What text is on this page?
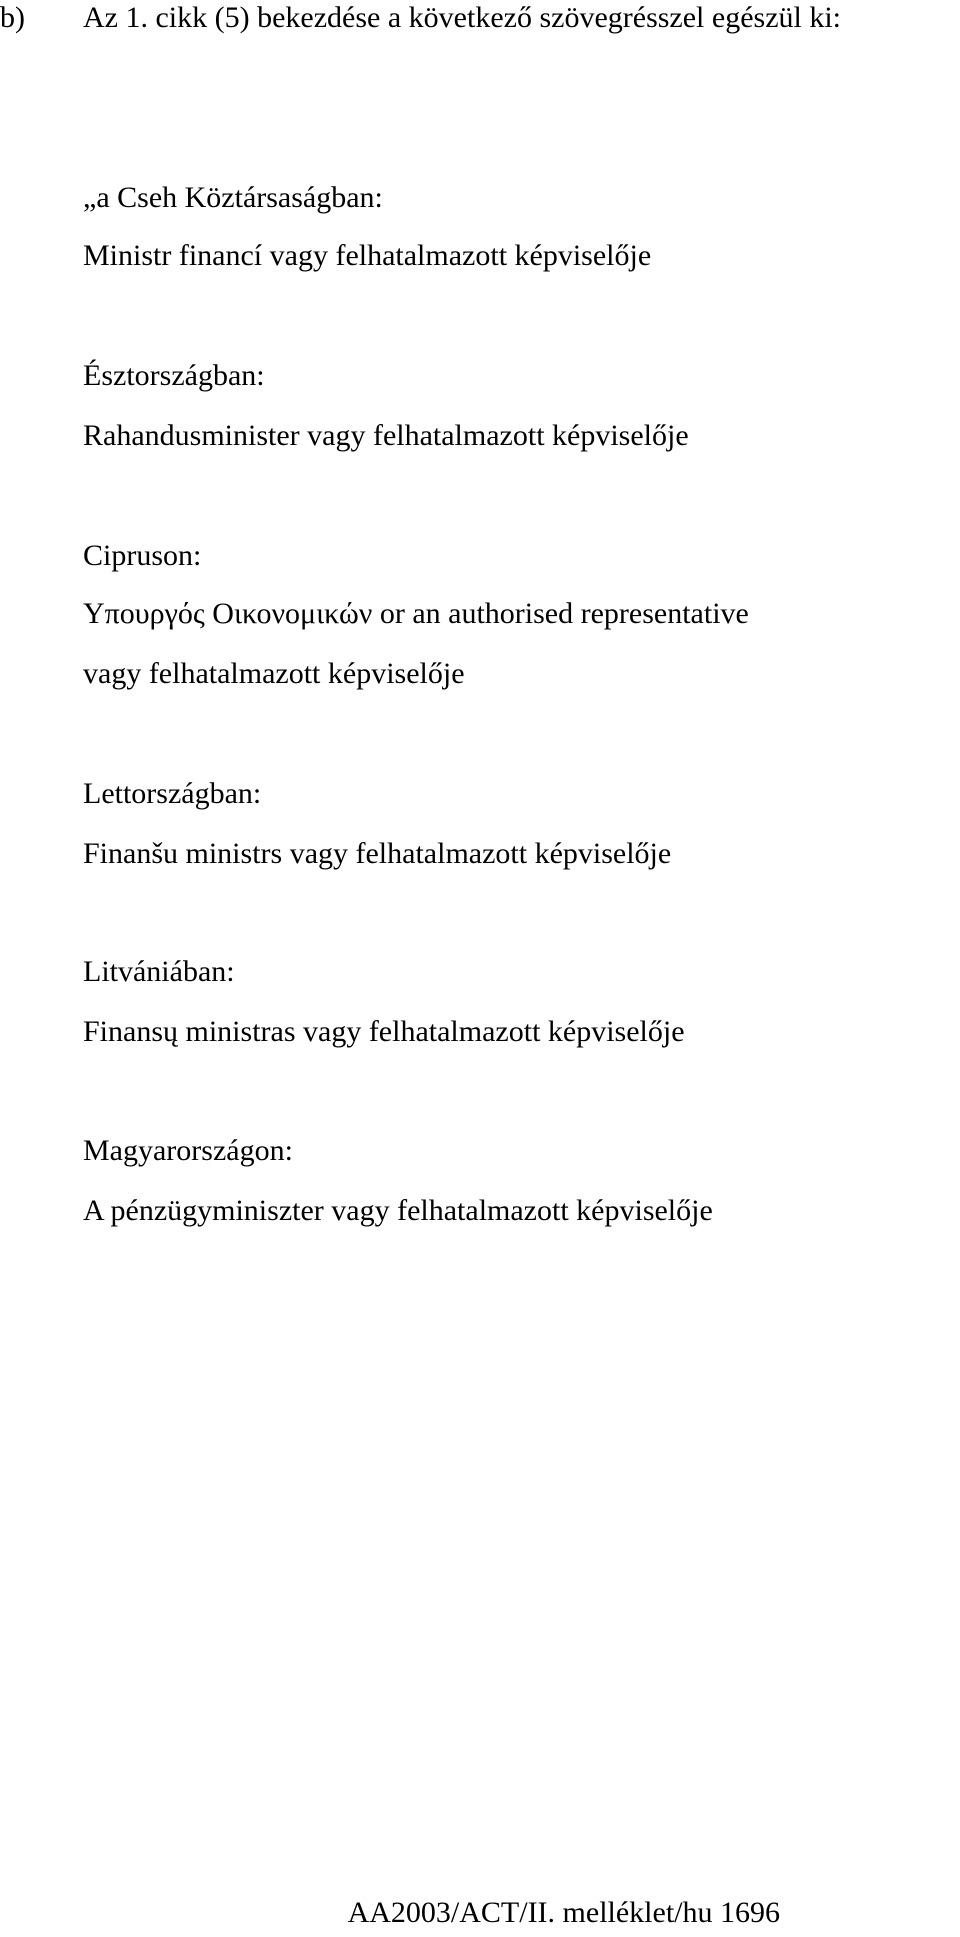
b) Az 1. cikk (5) bekezdése a következő szövegrésszel egészül ki:
„a Cseh Köztársaságban:
Ministr financí vagy felhatalmazott képviselője
Észtországban:
Rahandusminister vagy felhatalmazott képviselője
Cipruson:
Υπουργός Οικονομικών or an authorised representative
vagy felhatalmazott képviselője
Lettországban:
Finanšu ministrs vagy felhatalmazott képviselője
Litvániában:
Finansų ministras vagy felhatalmazott képviselője
Magyarországon:
A pénzügyminiszter vagy felhatalmazott képviselője
AA2003/ACT/II. melléklet/hu 1696
